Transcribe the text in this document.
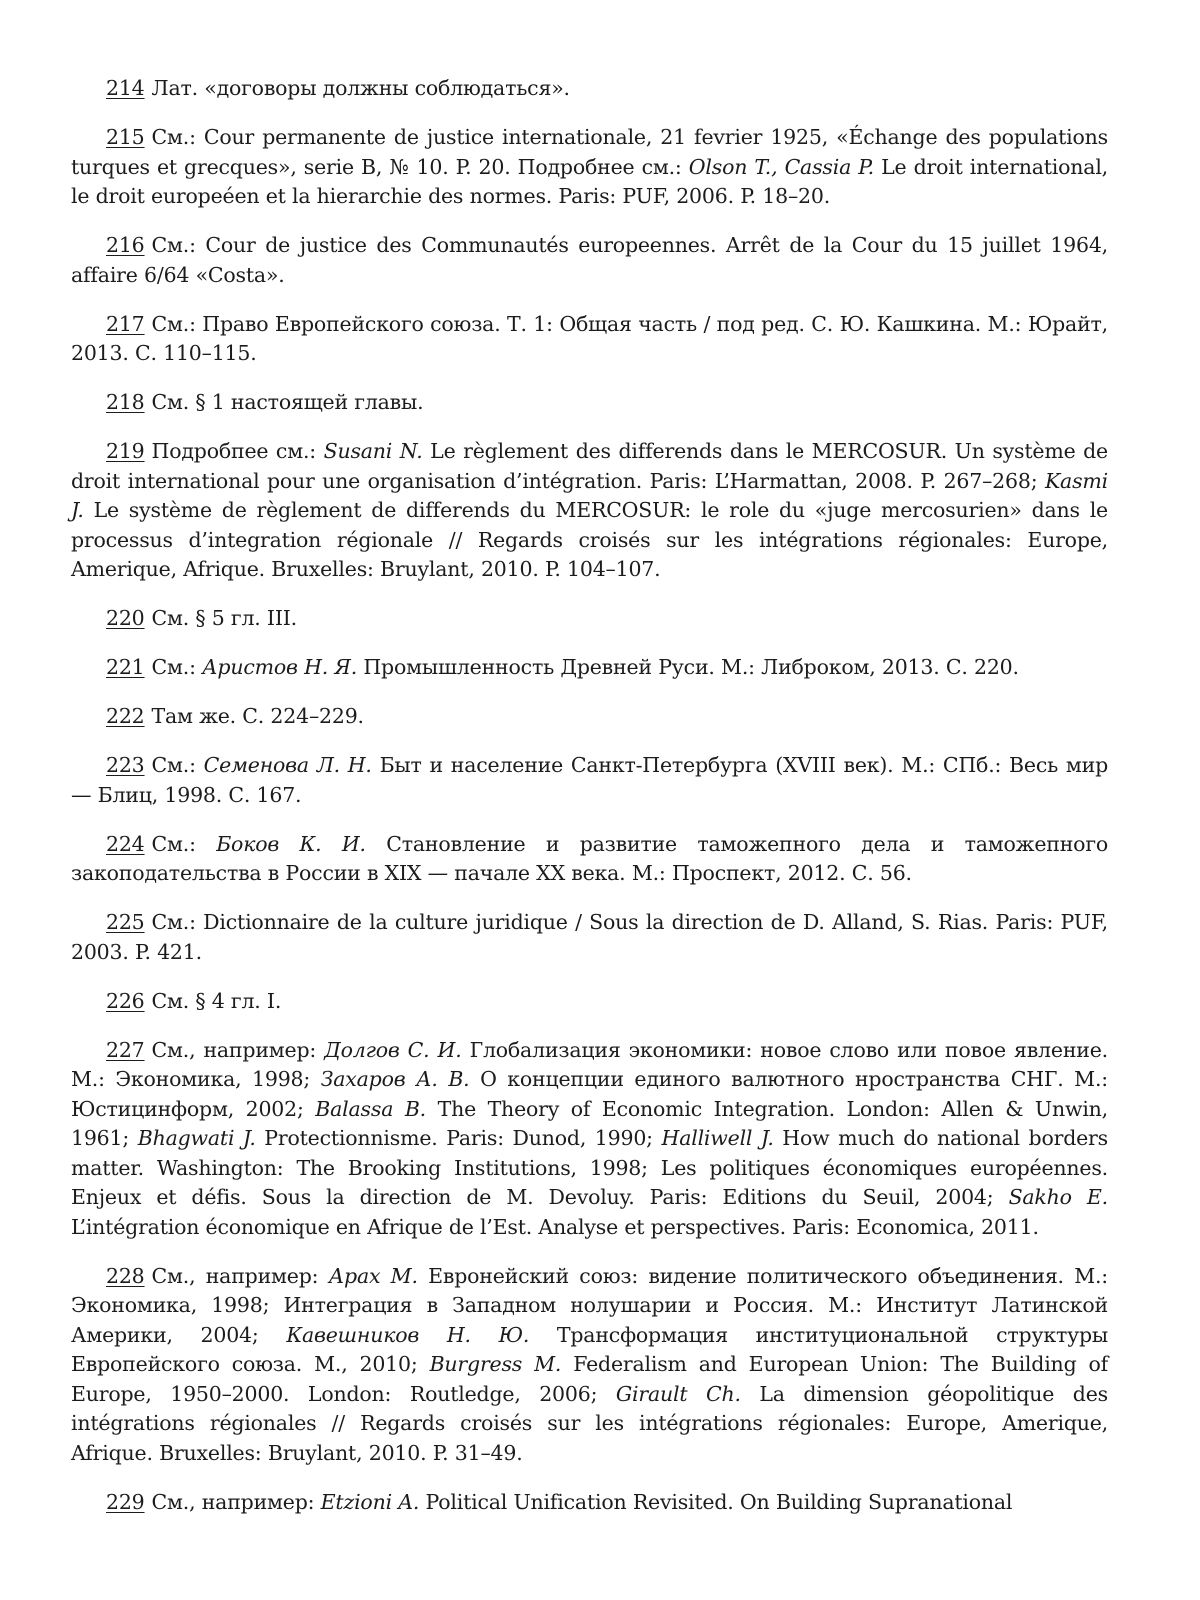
214 Лат. «договоры должны соблюдаться».

215 См.: Cour permanente de justice internationale, 21 fevrier 1925, «Échange des populations turques et grecques», serie B, № 10. P. 20. Подробнее см.: Olson T., Cassia P. Le droit international, le droit europeéen et la hierarchie des normes. Paris: PUF, 2006. P. 18–20.

216 См.: Cour de justice des Communautés europeennes. Arrêt de la Cour du 15 juillet 1964, affaire 6/64 «Costa».

217 См.: Право Европейского союза. Т. 1: Общая часть / под ред. С. Ю. Кашкина. М.: Юрайт, 2013. С. 110–115.

218 См. § 1 настоящей главы.

219 Подробпее см.: Susani N. Le règlement des differends dans le MERCOSUR. Un système de droit international pour une organisation d’intégration. Paris: L’Harmattan, 2008. P. 267–268; Kasmi J. Le système de règlement de differends du MERCOSUR: le role du «juge mercosurien» dans le processus d’integration régionale // Regards croisés sur les intégrations régionales: Europe, Amerique, Afrique. Bruxelles: Bruylant, 2010. P. 104–107.

220 См. § 5 гл. III.

221 См.: Аристов Н. Я. Промышленность Древней Руси. М.: Либроком, 2013. С. 220.

222 Там же. С. 224–229.

223 См.: Семенова Л. Н. Быт и население Санкт-Петербурга (XVIII век). М.: СПб.: Весь мир — Блиц, 1998. С. 167.

224 См.: Боков К. И. Становление и развитие таможепного дела и таможепного закоподательства в России в XIX — пачале XX века. М.: Проспект, 2012. С. 56.

225 См.: Dictionnaire de la culture juridique / Sous la direction de D. Alland, S. Rias. Paris: PUF, 2003. P. 421.

226 См. § 4 гл. I.

227 См., например: Долгов С. И. Глобализация экономики: новое слово или повое явление. М.: Экономика, 1998; Захаров А. В. О концепции единого валютного нространства СНГ. М.: Юстицинформ, 2002; Balassa B. The Theory of Economic Integration. London: Allen & Unwin, 1961; Bhagwati J. Protectionnisme. Paris: Dunod, 1990; Halliwell J. How much do national borders matter. Washington: The Brooking Institutions, 1998; Les politiques économiques européennes. Enjeux et défis. Sous la direction de M. Devoluy. Paris: Editions du Seuil, 2004; Sakho E. L’intégration économique en Afrique de l’Est. Analyse et perspectives. Paris: Economica, 2011.

228 См., например: Арах М. Евронейский союз: видение политического объединения. М.: Экономика, 1998; Интеграция в Западном нолушарии и Россия. М.: Институт Латинской Америки, 2004; Кавешников Н. Ю. Трансформация институциональной структуры Европейского союза. М., 2010; Burgress M. Federalism and European Union: The Building of Europe, 1950–2000. London: Routledge, 2006; Girault Ch. La dimension géopolitique des intégrations régionales // Regards croisés sur les intégrations régionales: Europe, Amerique, Afrique. Bruxelles: Bruylant, 2010. P. 31–49.

229 См., например: Etzioni A. Political Unification Revisited. On Building Supranational
